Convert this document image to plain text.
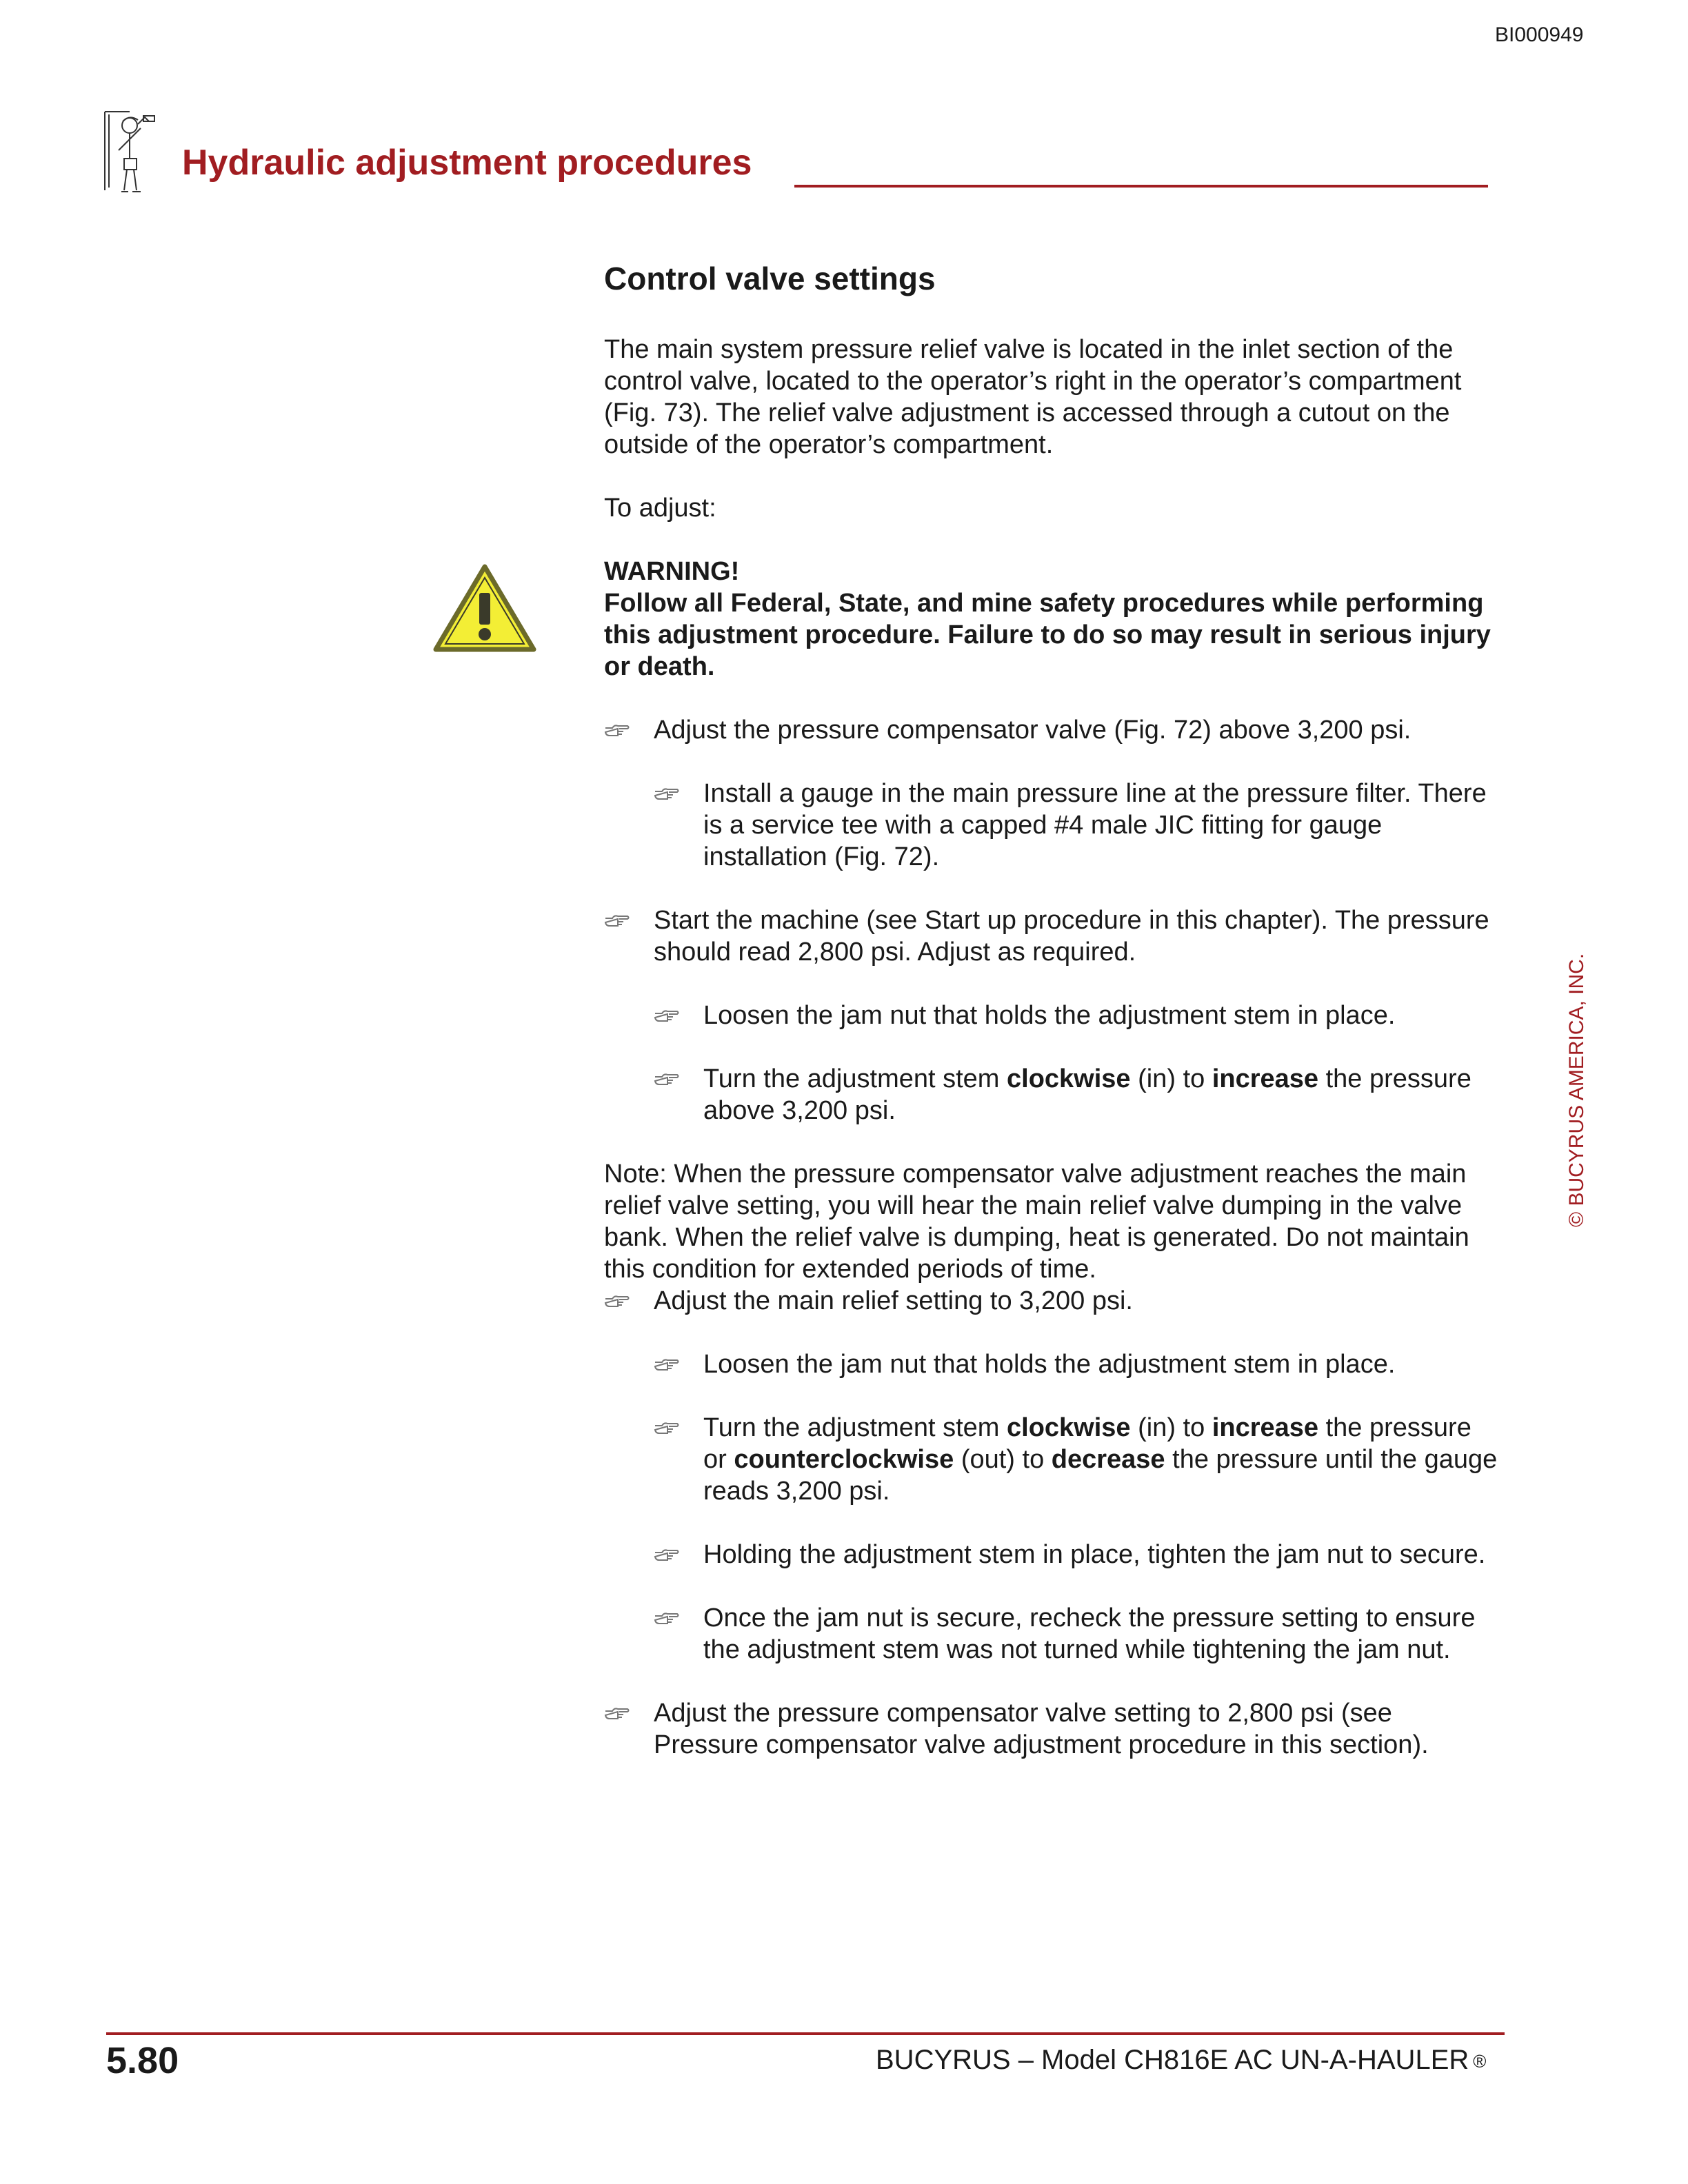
BI000949
Hydraulic adjustment procedures
Control valve settings

The main system pressure relief valve is located in the inlet section of the control valve, located to the operator’s right in the operator’s compartment (Fig. 73). The relief valve adjustment is accessed through a cutout on the outside of the operator’s compartment.

To adjust:

WARNING!
Follow all Federal, State, and mine safety procedures while performing this adjustment procedure. Failure to do so may result in serious injury or death.

Adjust the pressure compensator valve (Fig. 72) above 3,200 psi.

Install a gauge in the main pressure line at the pressure filter. There is a service tee with a capped #4 male JIC fitting for gauge installation (Fig. 72).

Start the machine (see Start up procedure in this chapter). The pressure should read 2,800 psi. Adjust as required.

Loosen the jam nut that holds the adjustment stem in place.

Turn the adjustment stem clockwise (in) to increase the pressure above 3,200 psi.

Note: When the pressure compensator valve adjustment reaches the main relief valve setting, you will hear the main relief valve dumping in the valve bank. When the relief valve is dumping, heat is generated. Do not maintain this condition for extended periods of time.

Adjust the main relief setting to 3,200 psi.

Loosen the jam nut that holds the adjustment stem in place.

Turn the adjustment stem clockwise (in) to increase the pressure or counterclockwise (out) to decrease the pressure until the gauge reads 3,200 psi.

Holding the adjustment stem in place, tighten the jam nut to secure.

Once the jam nut is secure, recheck the pressure setting to ensure the adjustment stem was not turned while tightening the jam nut.

Adjust the pressure compensator valve setting to 2,800 psi (see Pressure compensator valve adjustment procedure in this section).

© BUCYRUS AMERICA, INC.
5.80	BUCYRUS – Model CH816E AC UN-A-HAULER ®
